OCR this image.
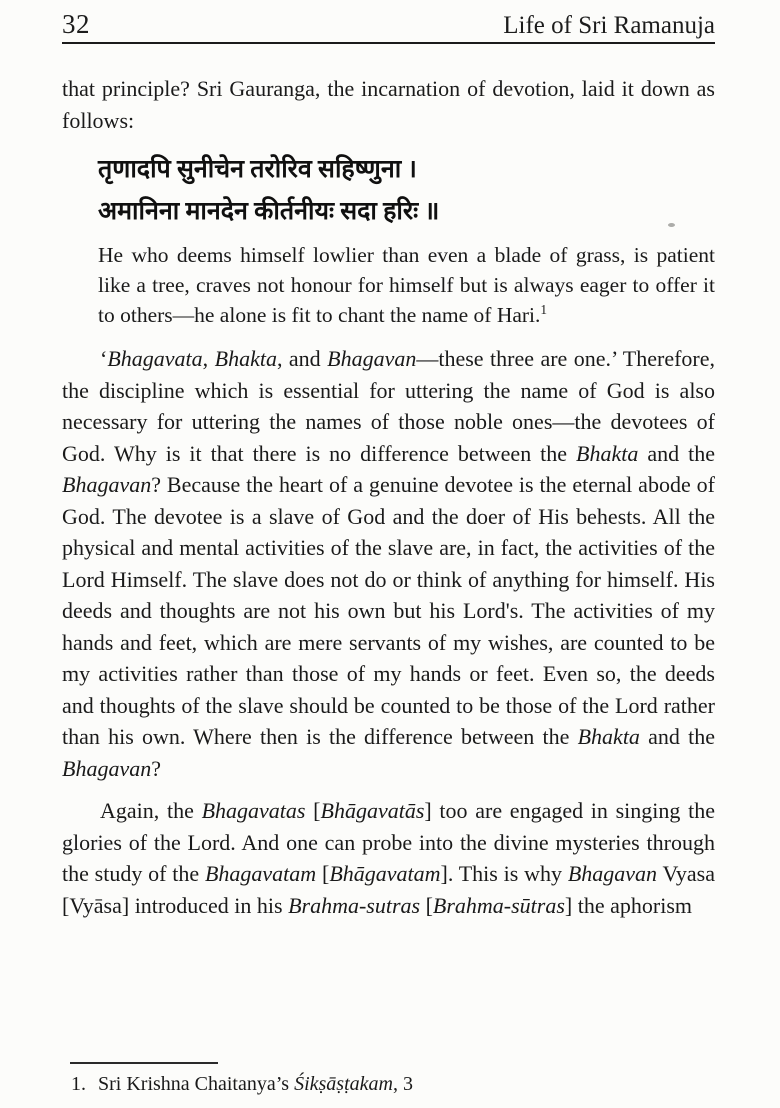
32	Life of Sri Ramanuja

that principle? Sri Gauranga, the incarnation of devotion, laid it down as follows:

तृणादपि सुनीचेन तरोरिव सहिष्णुना ।
अमानिना मानदेन कीर्तनीयः सदा हरिः ॥
He who deems himself lowlier than even a blade of grass, is patient like a tree, craves not honour for himself but is always eager to offer it to others—he alone is fit to chant the name of Hari.$^1$

‘Bhagavata, Bhakta, and Bhagavan—these three are one.’ Therefore, the discipline which is essential for uttering the name of God is also necessary for uttering the names of those noble ones—the devotees of God. Why is it that there is no difference between the Bhakta and the Bhagavan? Because the heart of a genuine devotee is the eternal abode of God. The devotee is a slave of God and the doer of His behests. All the physical and mental activities of the slave are, in fact, the activities of the Lord Himself. The slave does not do or think of anything for himself. His deeds and thoughts are not his own but his Lord's. The activities of my hands and feet, which are mere servants of my wishes, are counted to be my activities rather than those of my hands or feet. Even so, the deeds and thoughts of the slave should be counted to be those of the Lord rather than his own. Where then is the difference between the Bhakta and the Bhagavan?

Again, the Bhagavatas [Bhāgavatās] too are engaged in singing the glories of the Lord. And one can probe into the divine mysteries through the study of the Bhagavatam [Bhāgavatam]. This is why Bhagavan Vyasa [Vyāsa] introduced in his Brahma-sutras [Brahma-sūtras] the aphorism

1. Sri Krishna Chaitanya’s Śikṣāṣṭakam, 3
